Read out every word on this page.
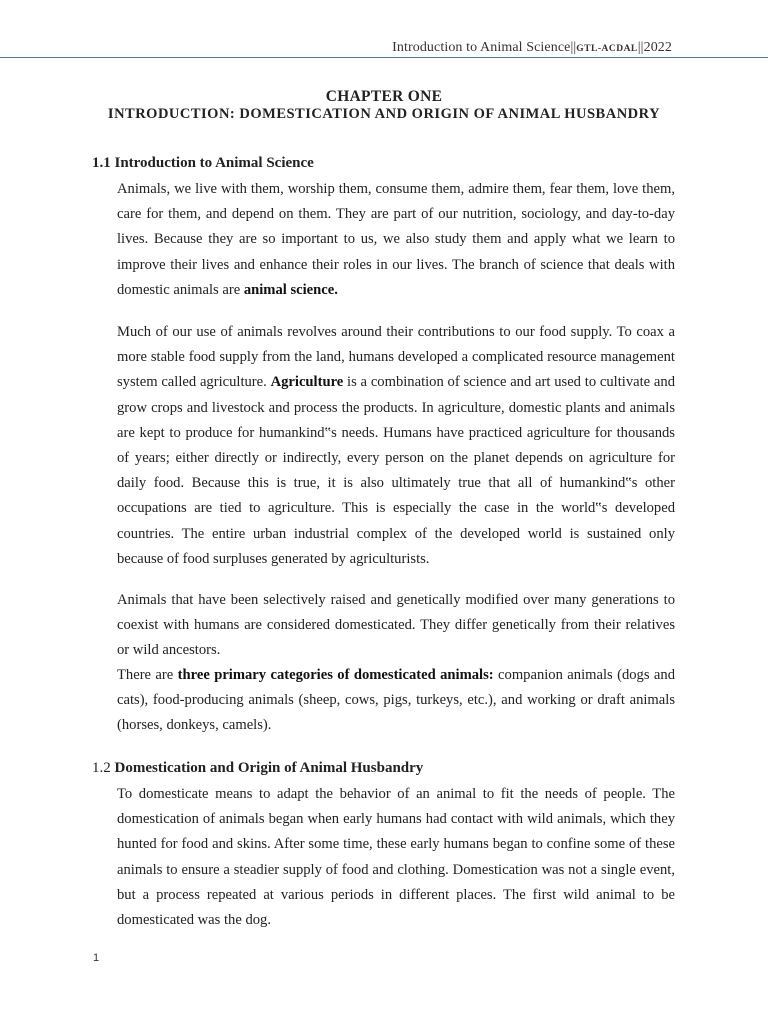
Introduction to Animal Science||GTL-ACDAL||2022
CHAPTER ONE
INTRODUCTION: DOMESTICATION AND ORIGIN OF ANIMAL HUSBANDRY
1.1 Introduction to Animal Science
Animals, we live with them, worship them, consume them, admire them, fear them, love them, care for them, and depend on them. They are part of our nutrition, sociology, and day-to-day lives. Because they are so important to us, we also study them and apply what we learn to improve their lives and enhance their roles in our lives. The branch of science that deals with domestic animals are animal science.
Much of our use of animals revolves around their contributions to our food supply. To coax a more stable food supply from the land, humans developed a complicated resource management system called agriculture. Agriculture is a combination of science and art used to cultivate and grow crops and livestock and process the products. In agriculture, domestic plants and animals are kept to produce for humankind‟s needs. Humans have practiced agriculture for thousands of years; either directly or indirectly, every person on the planet depends on agriculture for daily food. Because this is true, it is also ultimately true that all of humankind‟s other occupations are tied to agriculture. This is especially the case in the world‟s developed countries. The entire urban industrial complex of the developed world is sustained only because of food surpluses generated by agriculturists.
Animals that have been selectively raised and genetically modified over many generations to coexist with humans are considered domesticated. They differ genetically from their relatives or wild ancestors.
There are three primary categories of domesticated animals: companion animals (dogs and cats), food-producing animals (sheep, cows, pigs, turkeys, etc.), and working or draft animals (horses, donkeys, camels).
1.2 Domestication and Origin of Animal Husbandry
To domesticate means to adapt the behavior of an animal to fit the needs of people. The domestication of animals began when early humans had contact with wild animals, which they hunted for food and skins. After some time, these early humans began to confine some of these animals to ensure a steadier supply of food and clothing. Domestication was not a single event, but a process repeated at various periods in different places. The first wild animal to be domesticated was the dog.
1
